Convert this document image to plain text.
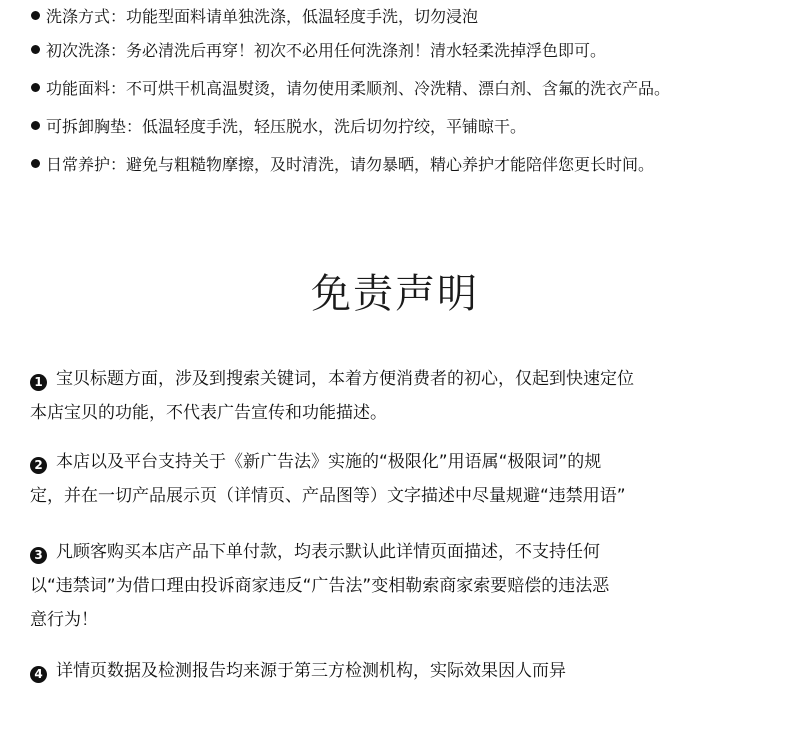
洗涤方式： 功能型面料请单独洗涤，低温轻度手洗，切勿浸泡
初次洗涤： 务必清洗后再穿！初次不必用任何洗涤剂！清水轻柔洗掉浮色即可。
功能面料： 不可烘干机高温熨烫，请勿使用柔顺剂、冷洗精、漂白剂、含氟的洗衣产品。
可拆卸胸垫： 低温轻度手洗，轻压脱水，洗后切勿拧绞，平铺晾干。
日常养护： 避免与粗糙物摩擦，及时清洗，请勿暴晒，精心养护才能陪伴您更长时间。
免责声明
1 宝贝标题方面，涉及到搜索关键词，本着方便消费者的初心，仅起到快速定位
本店宝贝的功能，不代表广告宣传和功能描述。
2 本店以及平台支持关于《新广告法》实施的“极限化”用语属“极限词”的规
定，并在一切产品展示页（详情页、产品图等）文字描述中尽量规避“违禁用语”
3 凡顾客购买本店产品下单付款，均表示默认此详情页面描述，不支持任何
以“违禁词”为借口理由投诉商家违反“广告法”变相勒索商家索要赔偿的违法恶
意行为！
4 详情页数据及检测报告均来源于第三方检测机构，实际效果因人而异
